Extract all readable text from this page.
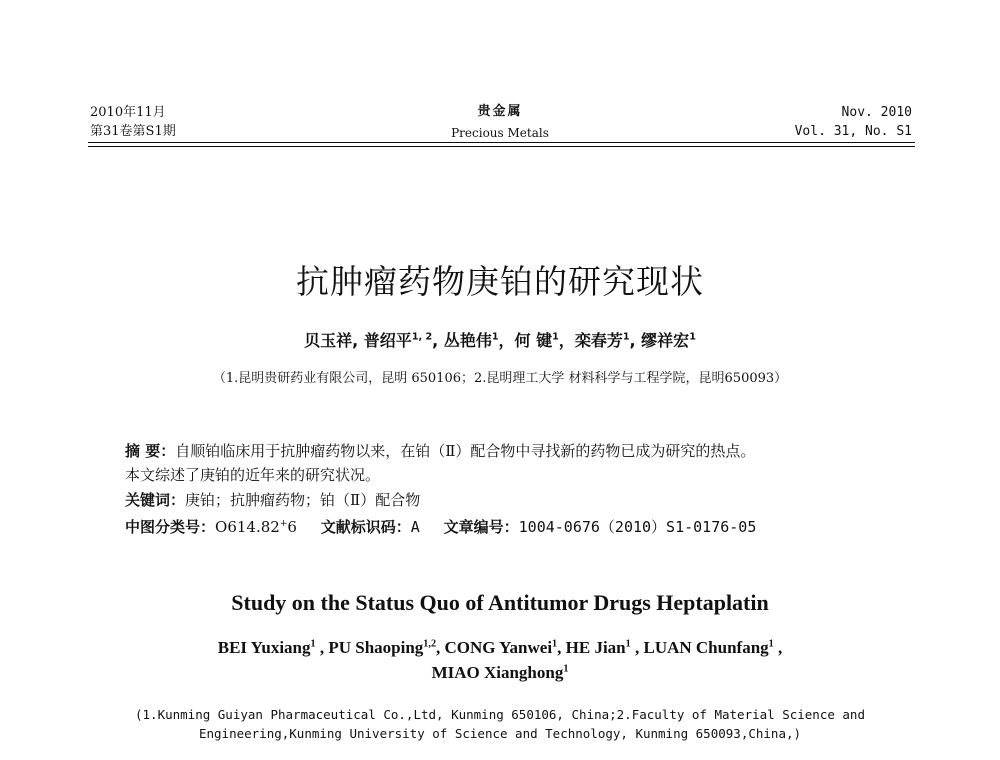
2010年11月
第31卷第S1期
贵金属
Precious Metals
Nov. 2010
Vol. 31, No. S1
抗肿瘤药物庚铂的研究现状
贝玉祥, 普绍平$^{1, 2}$, 丛艳伟$^1$，何 键$^1$，栾春芳$^1$, 缪祥宏$^1$
（1.昆明贵研药业有限公司，昆明 650106；2.昆明理工大学 材料科学与工程学院，昆明650093）
摘 要：自顺铂临床用于抗肿瘤药物以来，在铂（Ⅱ）配合物中寻找新的药物已成为研究的热点。
本文综述了庚铂的近年来的研究状况。
关键词：庚铂；抗肿瘤药物；铂（Ⅱ）配合物
中图分类号：O614.82+6 文献标识码：A 文章编号：1004-0676（2010）S1-0176-05
Study on the Status Quo of Antitumor Drugs Heptaplatin
BEI Yuxiang$^1$ , PU Shaoping$^{1,2}$, CONG Yanwei$^1$, HE Jian$^1$ , LUAN Chunfang$^1$ ,
MIAO Xianghong$^1$
(1.Kunming Guiyan Pharmaceutical Co.,Ltd, Kunming 650106, China;2.Faculty of Material Science and
Engineering,Kunming University of Science and Technology, Kunming 650093,China,)
